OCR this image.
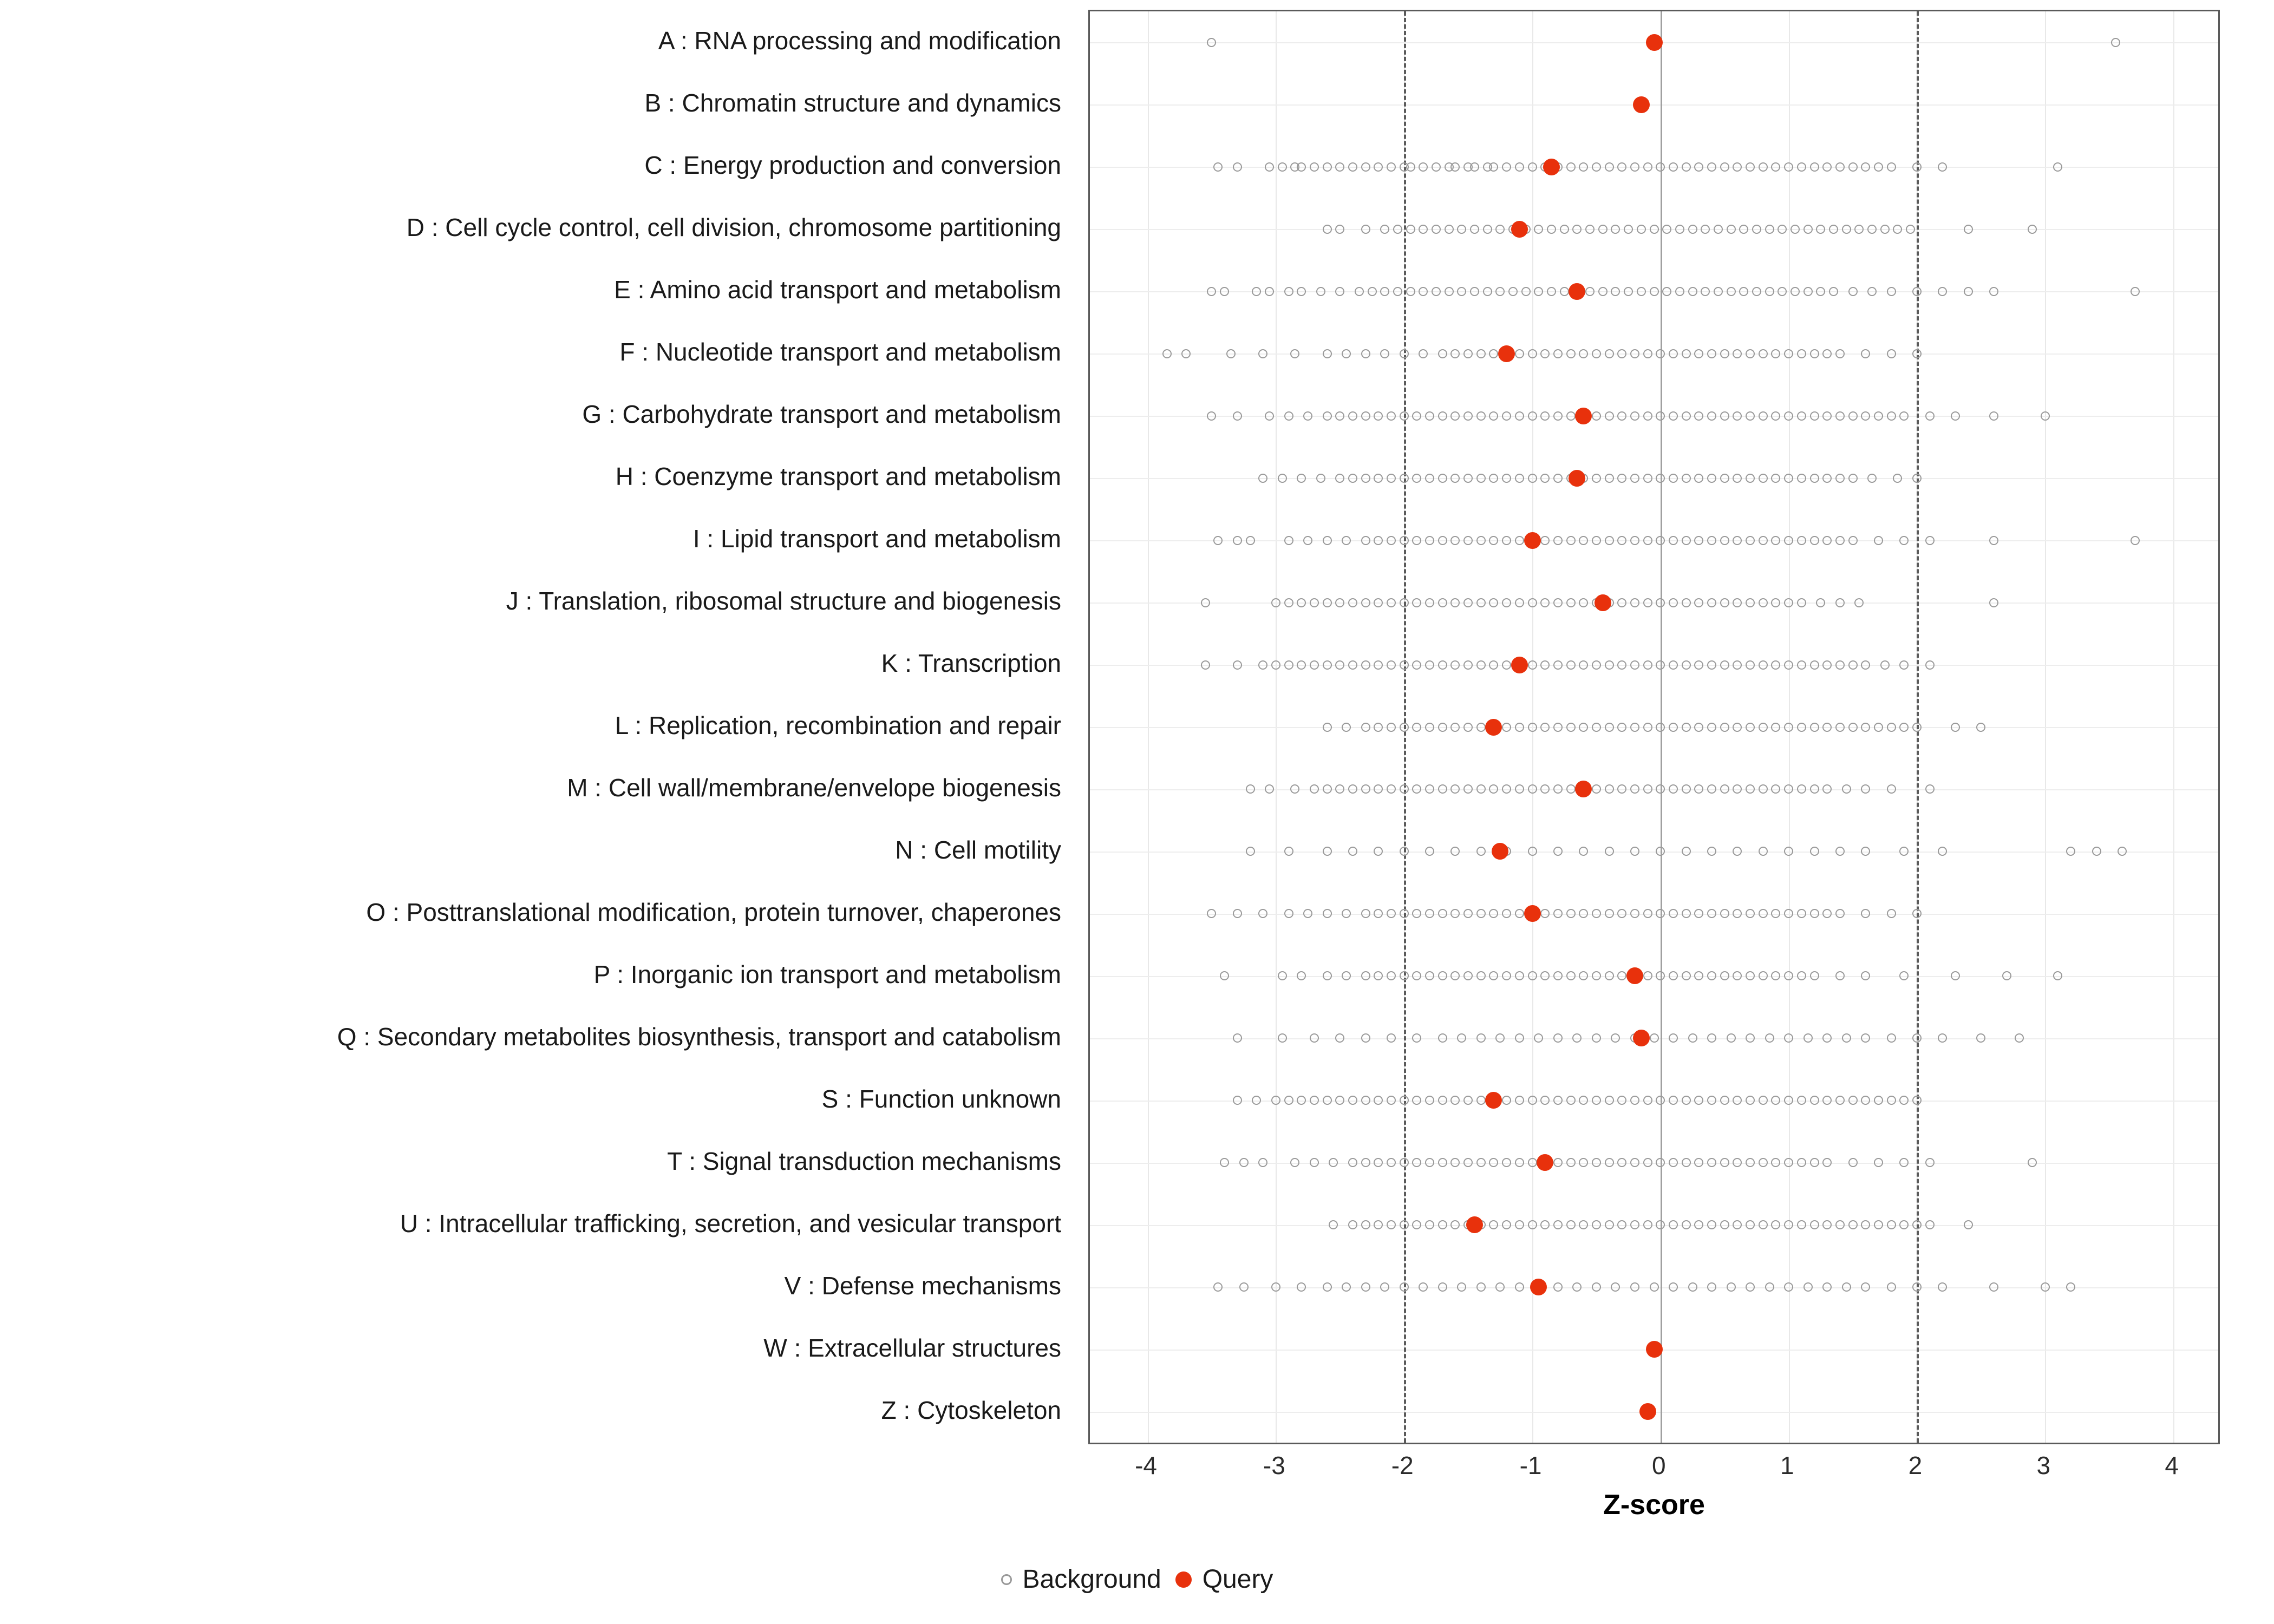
A : RNA processing and modification
B : Chromatin structure and dynamics
C : Energy production and conversion
D : Cell cycle control, cell division, chromosome partitioning
E : Amino acid transport and metabolism
F : Nucleotide transport and metabolism
G : Carbohydrate transport and metabolism
H : Coenzyme transport and metabolism
I : Lipid transport and metabolism
J : Translation, ribosomal structure and biogenesis
K : Transcription
L : Replication, recombination and repair
M : Cell wall/membrane/envelope biogenesis
N : Cell motility
O : Posttranslational modification, protein turnover, chaperones
P : Inorganic ion transport and metabolism
Q : Secondary metabolites biosynthesis, transport and catabolism
S : Function unknown
T : Signal transduction mechanisms
U : Intracellular trafficking, secretion, and vesicular transport
V : Defense mechanisms
W : Extracellular structures
Z : Cytoskeleton
-4	-3	-2	-1	0	1	2	3	4
Z-score
Background Query
